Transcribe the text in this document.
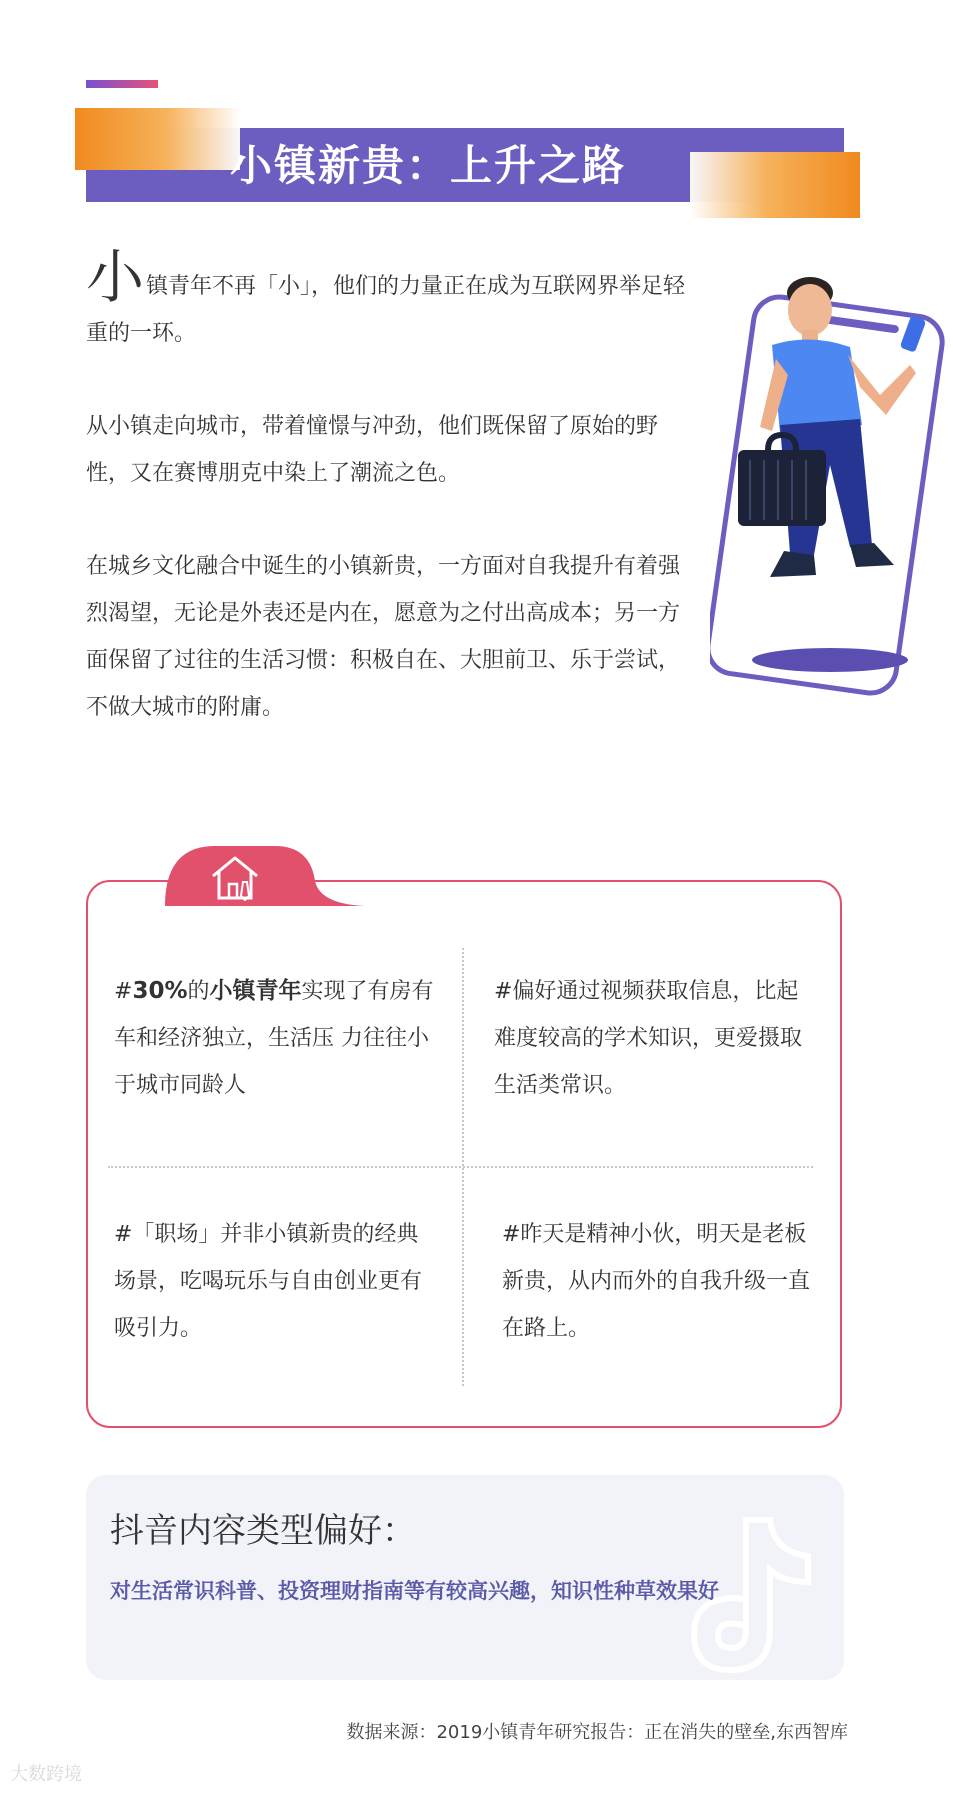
小镇新贵：上升之路

小镇青年不再「小」，他们的力量正在成为互联网界举足轻重的一环。

从小镇走向城市，带着憧憬与冲劲，他们既保留了原始的野性，又在赛博朋克中染上了潮流之色。

在城乡文化融合中诞生的小镇新贵，一方面对自我提升有着强烈渴望，无论是外表还是内在，愿意为之付出高成本；另一方面保留了过往的生活习惯：积极自在、大胆前卫、乐于尝试，不做大城市的附庸。

#30%的小镇青年实现了有房有车和经济独立，生活压 力往往小于城市同龄人
#偏好通过视频获取信息，比起难度较高的学术知识，更爱摄取生活类常识。
#「职场」并非小镇新贵的经典场景，吃喝玩乐与自由创业更有吸引力。
#昨天是精神小伙，明天是老板新贵，从内而外的自我升级一直在路上。
抖音内容类型偏好：
对生活常识科普、投资理财指南等有较高兴趣，知识性种草效果好
数据来源：2019小镇青年研究报告：正在消失的壁垒,东西智库
大数跨境
